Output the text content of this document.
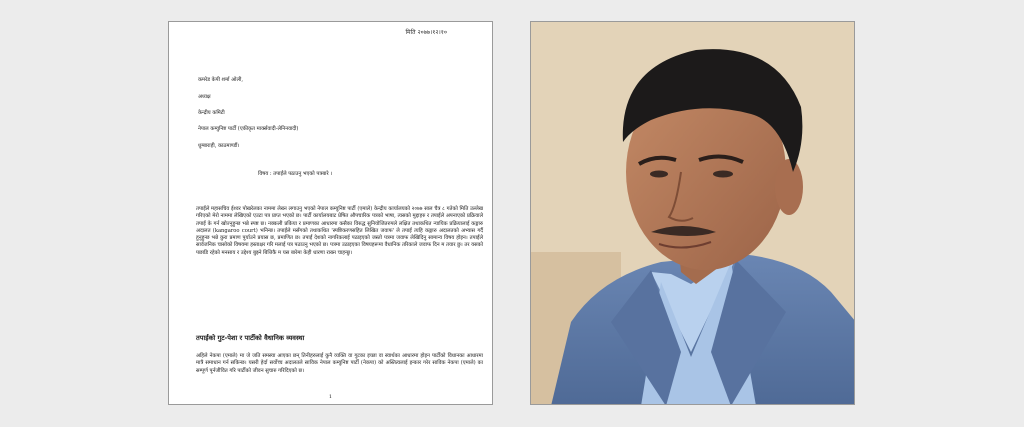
मिति २०७७।१२।१०
कमरेड केपी शर्मा ओली,
अध्यक्ष
केन्द्रीय कमिटी
नेपाल कम्युनिष्ट पार्टी (एकीकृत मार्क्सवादी-लेनिनवादी)
धुम्बाराही, काठमाण्डौं।
विषय : तपाईंले पठाउनु भएको पत्रबारे ।
तपाईंले महासचिव ईश्वर पोखरेलका नाममा लेख्न लगाउनु भएको नेपाल कम्युनिष्ट पार्टी (एमाले) केन्द्रीय कार्यालयको २०७७ साल चैत्र ८ गतेको मिति उल्लेख गरिएको मेरो नाममा लेखिएको एउटा पत्र प्राप्त भएको छ। पार्टी कार्यालयबाट प्रेषित औपचारिक पत्रको भाषा, त्यसको मुद्दाहरु र तपाईंले अपनाएको प्रक्रियाले तपाईं के गर्न खोज्नुहुन्छ भन्ने स्पष्ट छ। नक्कली प्रकिया र प्रमाणका आधारमा कसैका विरुद्ध सुनियोजितरुपले लक्षित तथाकथित न्यायिक प्रक्रियालाई कङ्गारु अदालत (kangaroo court) भनिन्छ। तपाईंले मसँगको तथाकथित 'स्पष्टिकरणसहित लिखित जवाफ' ले तपाईं त्यहि कङ्गारु अदालतको अभ्यास गर्दै हुनुहुन्छ भन्ने कुरा प्रमाण पुर्याउने प्रयास छ, प्रमाणित छ। तपाईं देशको नागरिकलाई पठाइएको जस्तो पत्रमा जवाफ लेखिदिनु सामान्य विषय होइन। तपाईंले सार्वजनिक चासोको विषयमा हस्ताक्षर गरि मलाई पत्र पठाउनु भएको छ। पत्रमा उठाइएका विषयहरूमा वैधानिक तरिकाले जवाफ दिन म तयार छु। तर यसको पछाडि रहेको मनसाय र उद्देश्य बुझ्ने बित्तिकै म यस बारेमा केही धारणा राख्न चाहन्छु।
तपाईंको गुट-पेशा र पार्टीको वैधानिक व्यवस्था
अहिले नेकपा (एमाले) मा जे जति समस्या आएका छन् तिनीहरुलाई कुनै व्यक्ति वा गुटका इच्छा वा स्वार्थका आधारमा होइन पार्टीको विधानका आधारमा मात्रै समाधान गर्न सकिन्छ। यसरी हेर्दा सर्वोच्च अदालतले साविक नेपाल कम्युनिष्ट पार्टी (नेकपा) को अस्तित्वलाई इन्कार गरेर साविक नेकपा (एमाले) का सम्पूर्ण पूर्नजीवित गरि पार्टीको जीवन सुचारु गरिदिएको छ।
1
